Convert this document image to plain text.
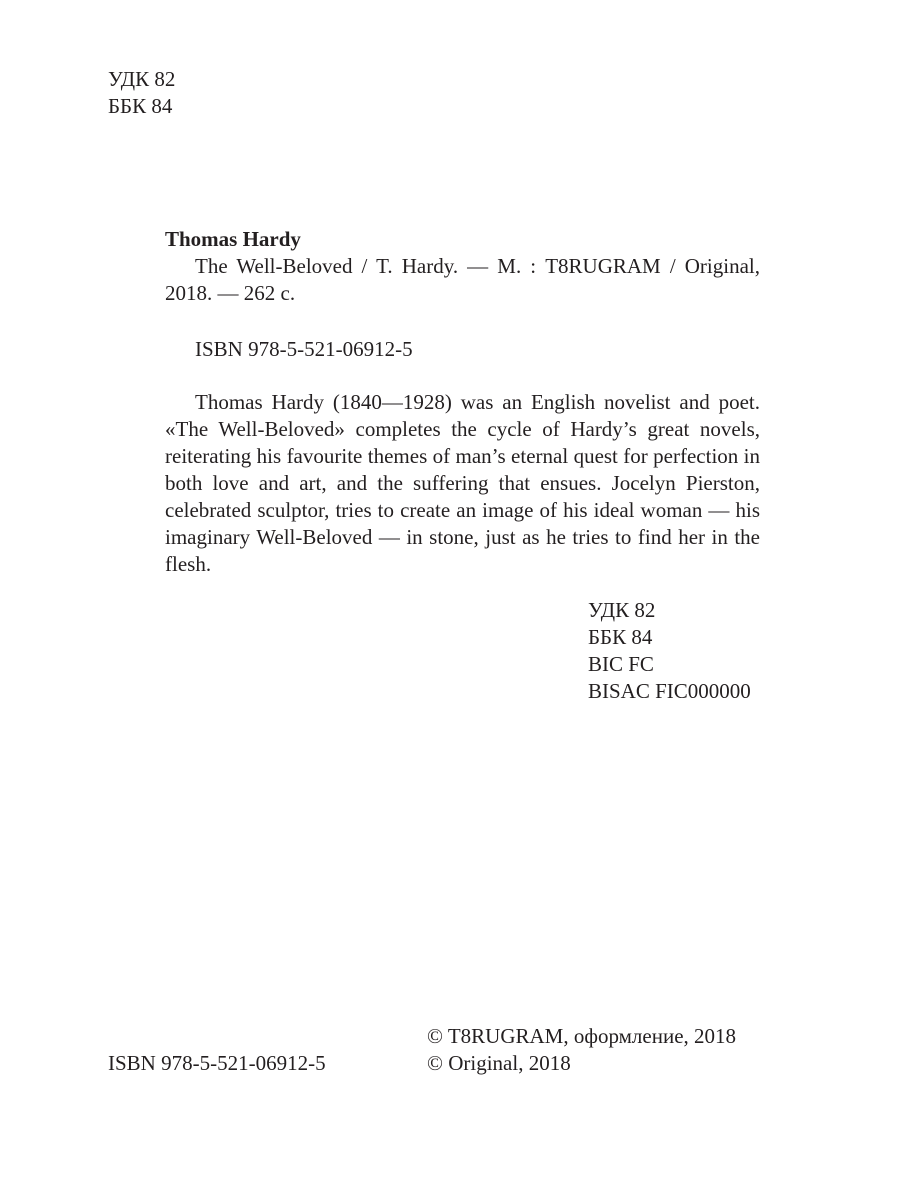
УДК 82
ББК 84
Thomas Hardy
The Well-Beloved / T. Hardy. — М. : T8RUGRAM / Original, 2018. — 262 с.
ISBN 978-5-521-06912-5
Thomas Hardy (1840—1928) was an English novelist and poet. «The Well-Beloved» completes the cycle of Hardy’s great novels, reiterating his favourite themes of man’s eternal quest for perfection in both love and art, and the suffering that ensues. Jocelyn Pierston, celebrated sculptor, tries to create an image of his ideal woman — his imaginary Well-Beloved — in stone, just as he tries to find her in the flesh.
УДК 82
ББК 84
BIC FC
BISAC FIC000000
ISBN 978-5-521-06912-5
© T8RUGRAM, оформление, 2018
© Original, 2018
